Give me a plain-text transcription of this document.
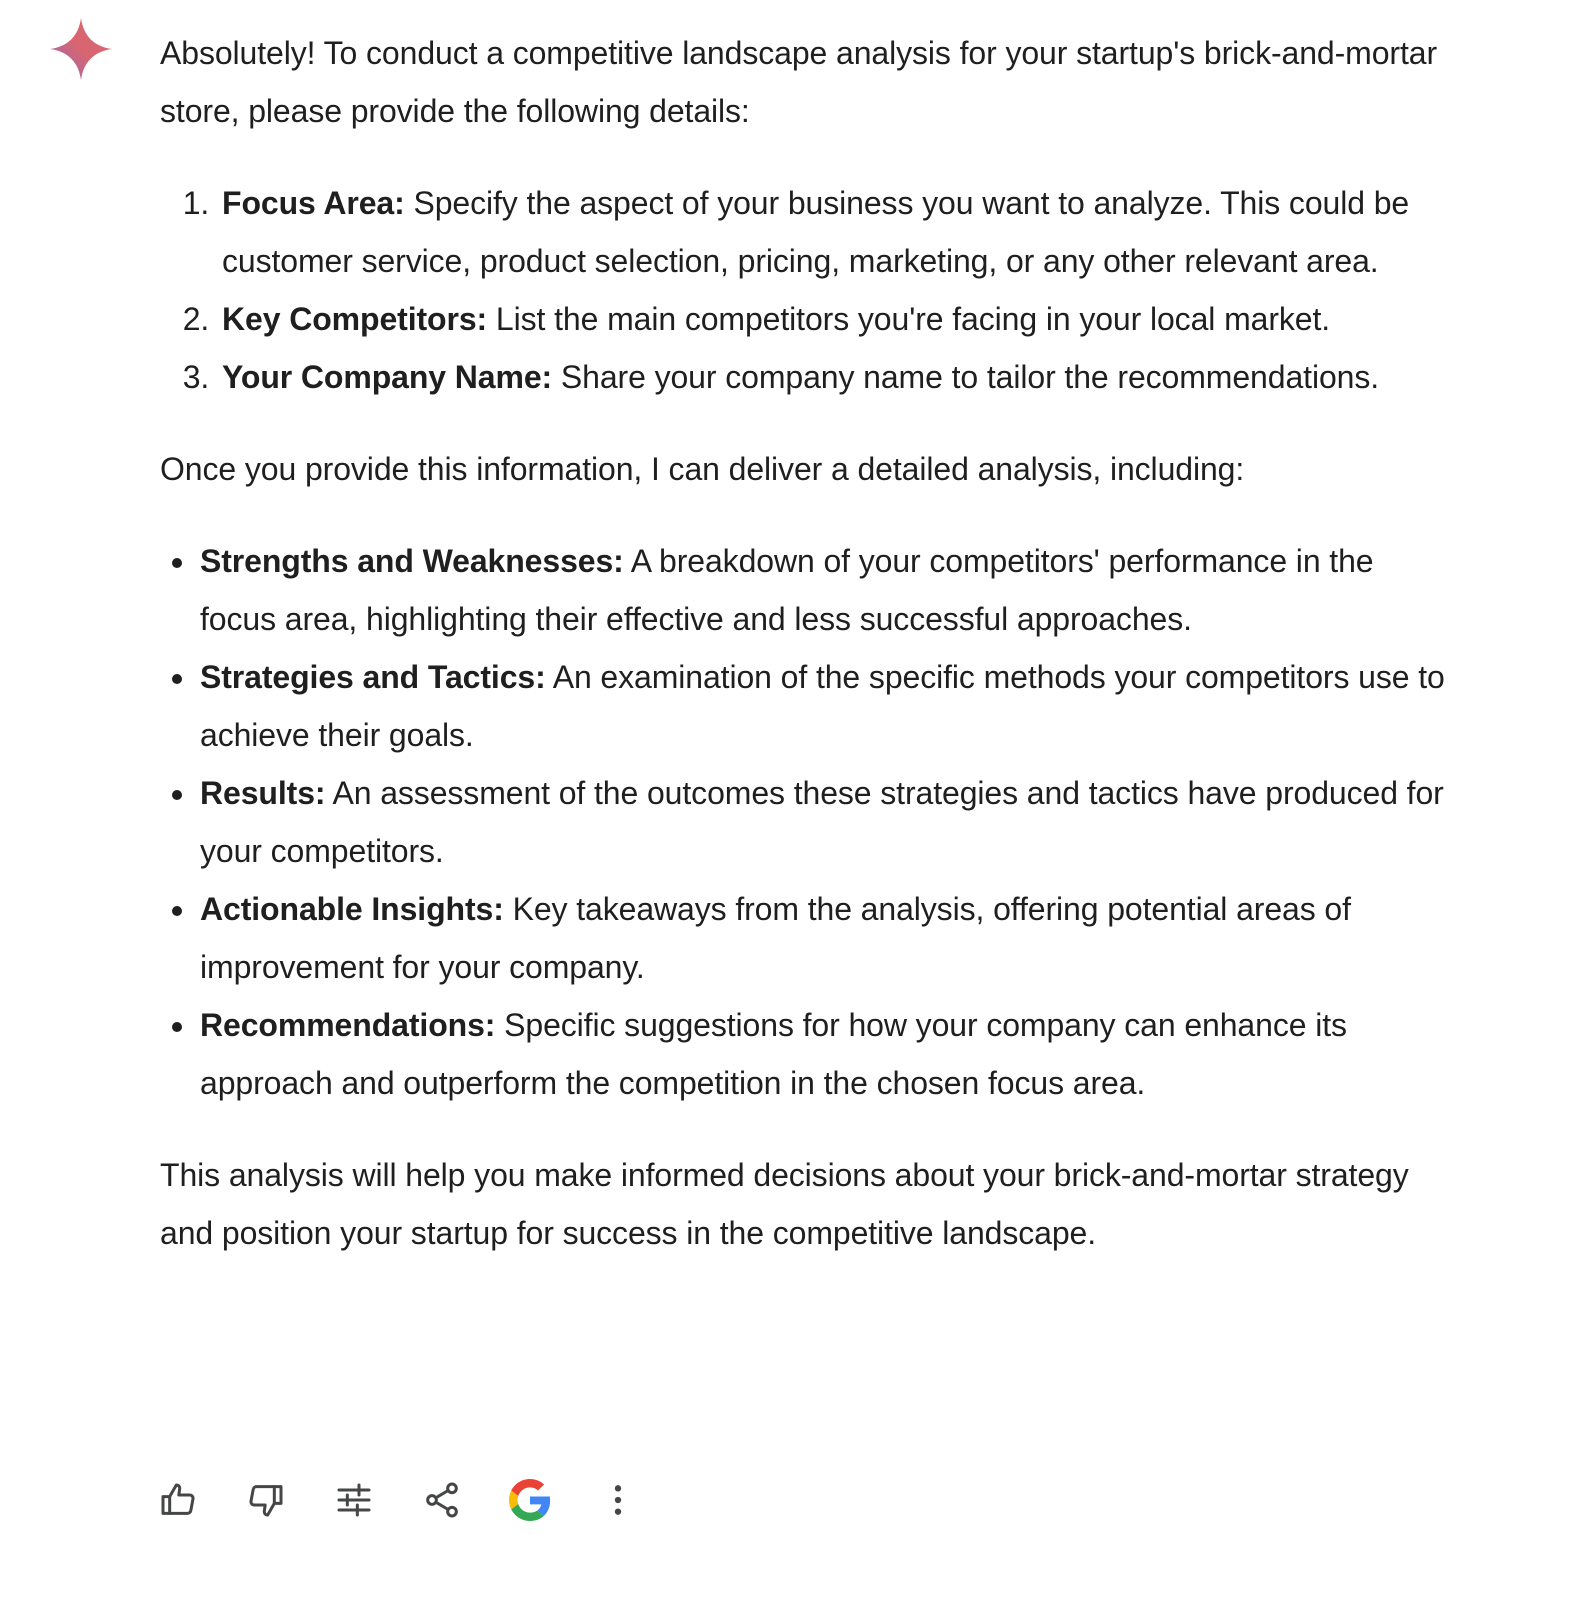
Absolutely! To conduct a competitive landscape analysis for your startup's brick-and-mortar store, please provide the following details:

1. Focus Area: Specify the aspect of your business you want to analyze. This could be customer service, product selection, pricing, marketing, or any other relevant area.
2. Key Competitors: List the main competitors you're facing in your local market.
3. Your Company Name: Share your company name to tailor the recommendations.

Once you provide this information, I can deliver a detailed analysis, including:

• Strengths and Weaknesses: A breakdown of your competitors' performance in the focus area, highlighting their effective and less successful approaches.
• Strategies and Tactics: An examination of the specific methods your competitors use to achieve their goals.
• Results: An assessment of the outcomes these strategies and tactics have produced for your competitors.
• Actionable Insights: Key takeaways from the analysis, offering potential areas of improvement for your company.
• Recommendations: Specific suggestions for how your company can enhance its approach and outperform the competition in the chosen focus area.

This analysis will help you make informed decisions about your brick-and-mortar strategy and position your startup for success in the competitive landscape.
